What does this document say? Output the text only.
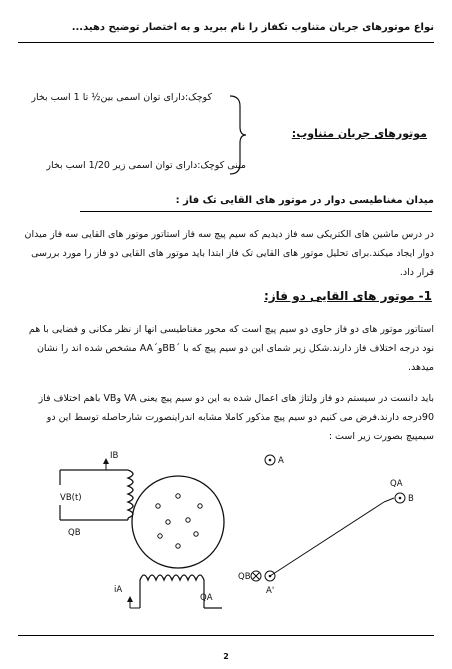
نواع موتورهای جریان متناوب تکفاز را نام ببرید و به اختصار توضیح دهید...
کوچک:دارای توان اسمی بین½ تا 1 اسب بخار
موتورهای جریان متناوب:
مینی کوچک:دارای توان اسمی زیر 1/20 اسب بخار
میدان مغناطیسی دوار در موتور های القایی تک فاز :
در درس ماشین های الکتریکی سه فاز دیدیم که سیم پیچ سه فاز استاتور موتور های القایی سه فاز میدان دوار ایجاد میکند.برای تحلیل موتور های القایی تک فاز ابتدا باید موتور های القایی دو فاز را مورد بررسی قرار داد.
1- موتور های القایی دو فاز:
استاتور موتور های دو فاز حاوی دو سیم پیچ است که محور مغناطیسی انها از نظر مکانی و فضایی با هم نود درجه اختلاف فاز دارند.شکل زیر شمای این دو سیم پیچ که با ´BBو´AA مشخص شده اند را نشان میدهد.
باید دانست در سیستم دو فاز ولتاژ های اعمال شده به این دو سیم پیچ یعنی VA وVB باهم اختلاف فاز 90درجه دارند.فرض می کنیم دو سیم پیچ مذکور کاملا مشابه اندراینصورت شارحاصله توسط این دو سیمپیچ بصورت زیر است :
IB
VB(t)
QB
iA
QA
A
QA
B
QB
A'
2
